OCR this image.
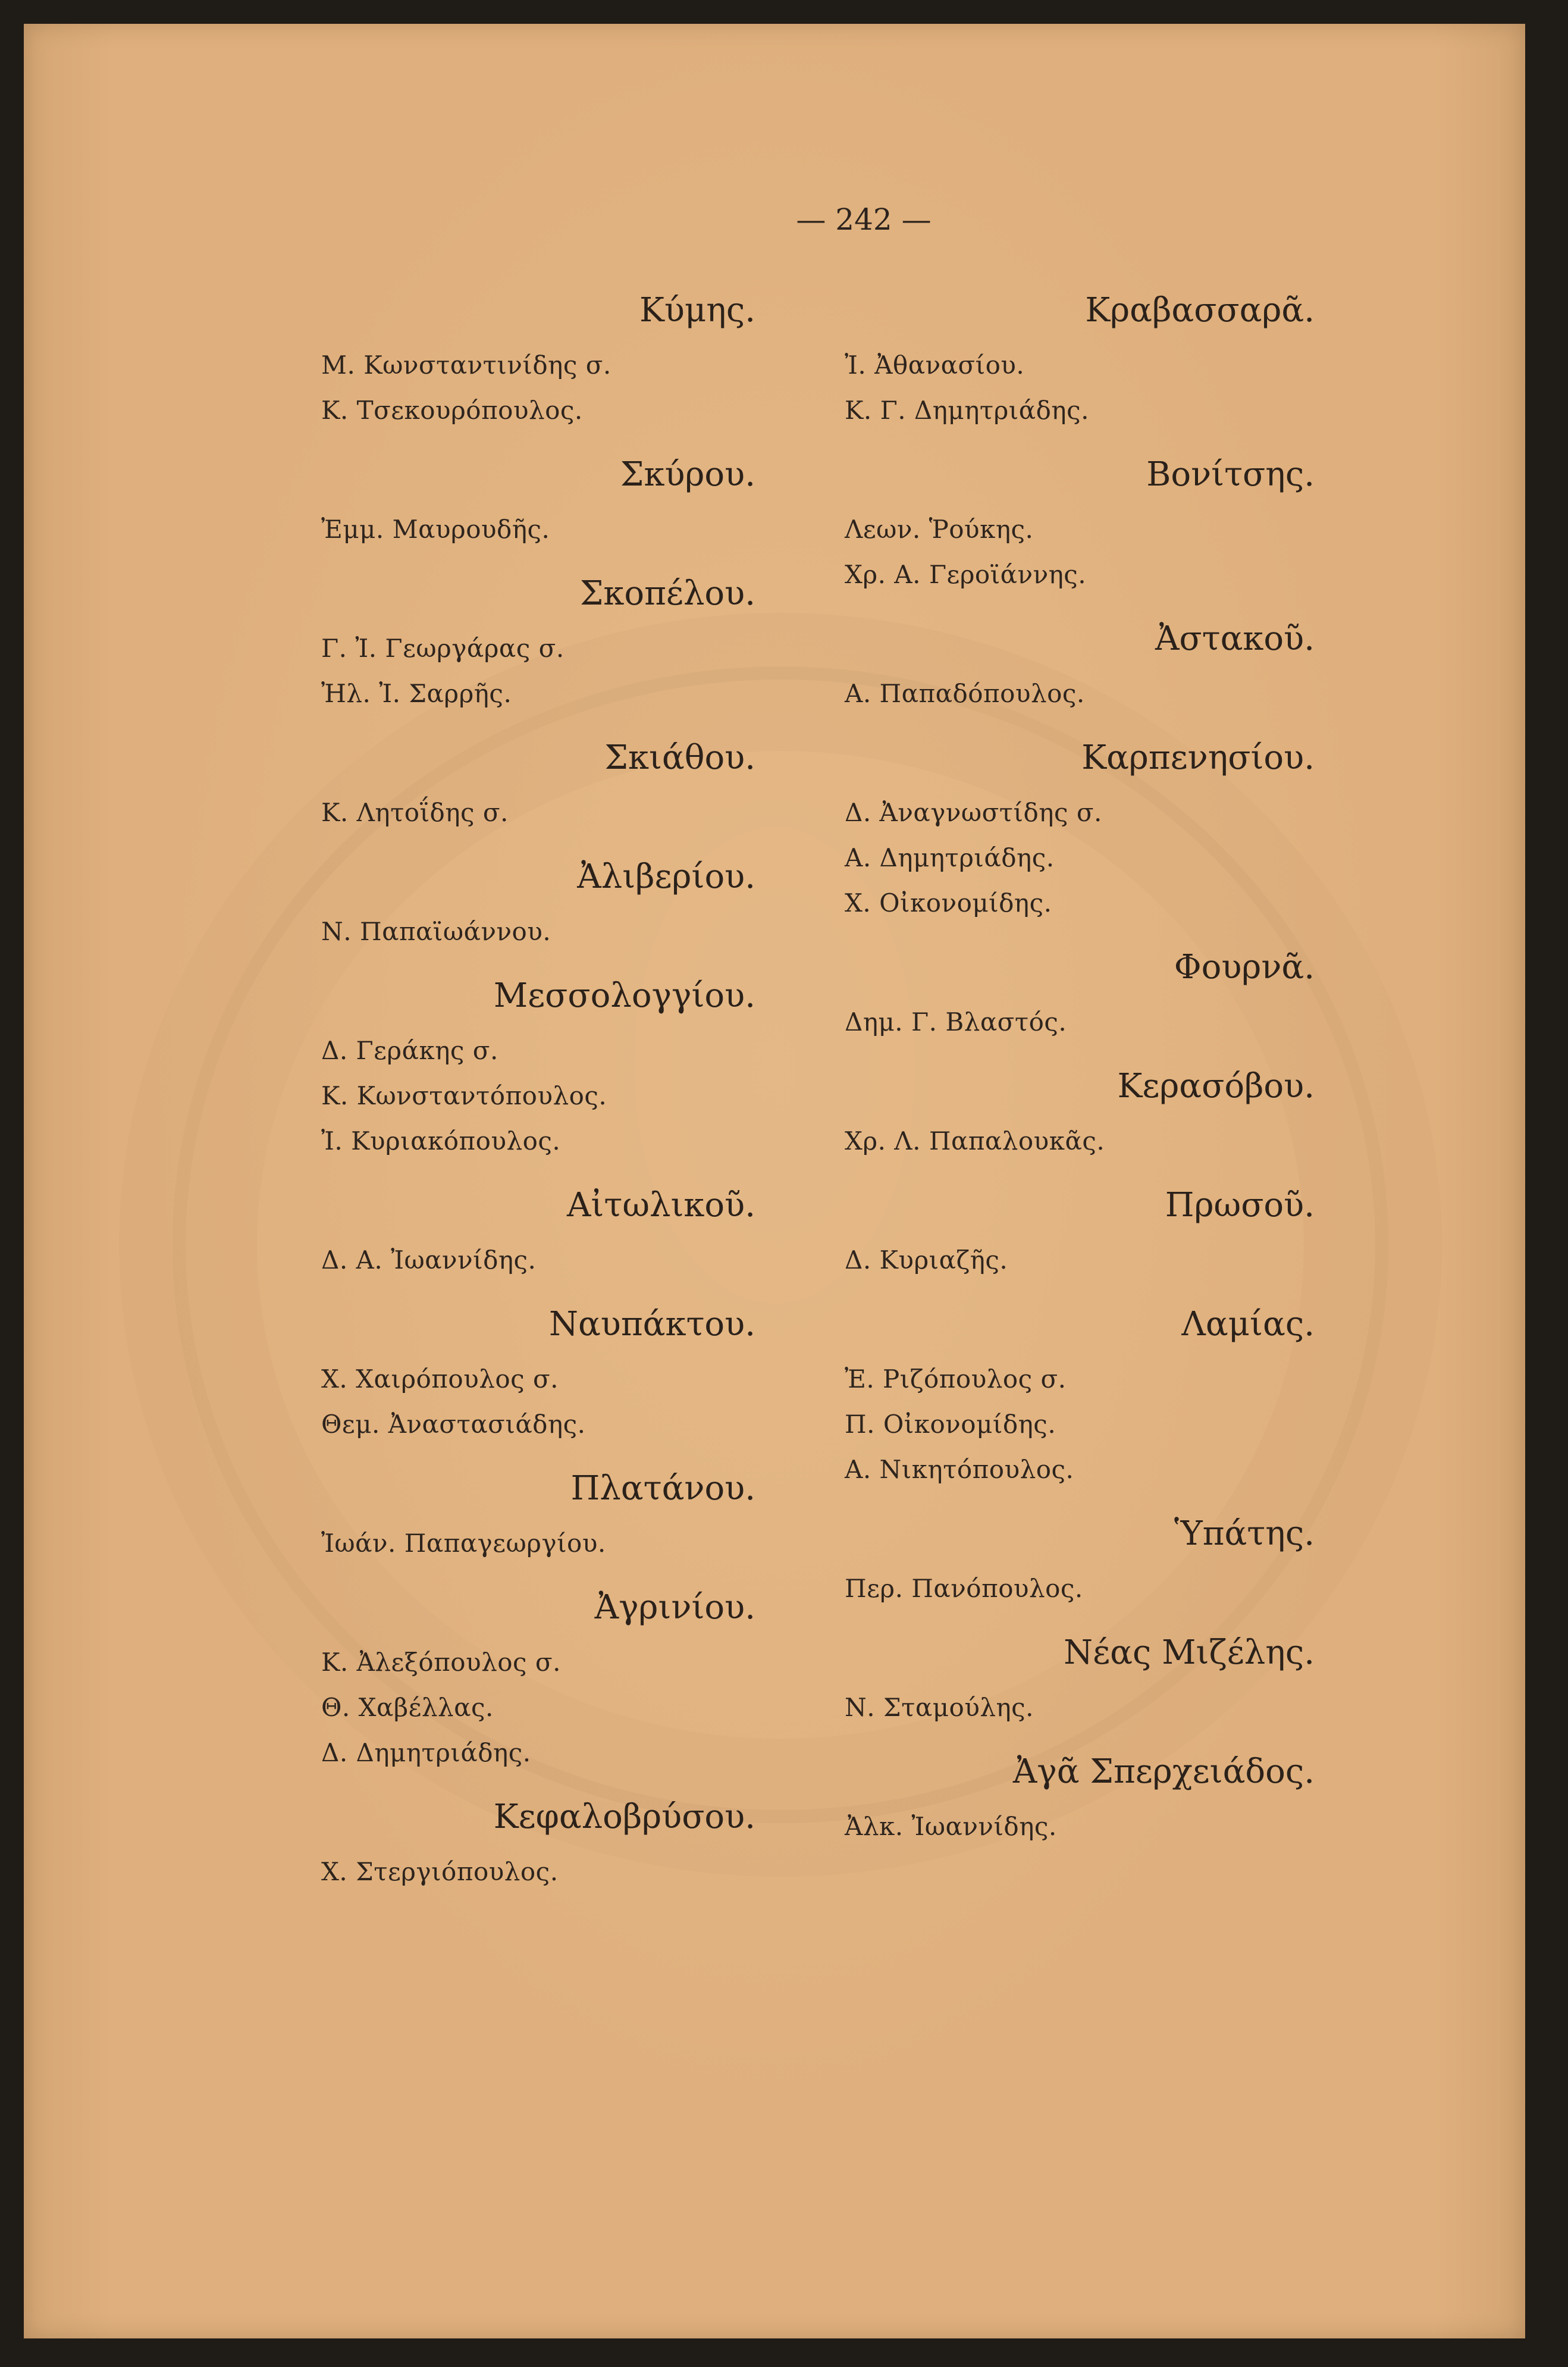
— 242 —
Κύμης.
Μ. Κωνσταντινίδης σ.
Κ. Τσεκουρόπουλος.
Σκύρου.
Ἐμμ. Μαυρουδῆς.
Σκοπέλου.
Γ. Ἰ. Γεωργάρας σ.
Ἠλ. Ἰ. Σαρρῆς.
Σκιάθου.
Κ. Λητοΐδης σ.
Ἀλιβερίου.
Ν. Παπαϊωάννου.
Μεσσολογγίου.
Δ. Γεράκης σ.
Κ. Κωνσταντόπουλος.
Ἰ. Κυριακόπουλος.
Αἰτωλικοῦ.
Δ. Α. Ἰωαννίδης.
Ναυπάκτου.
Χ. Χαιρόπουλος σ.
Θεμ. Ἀναστασιάδης.
Πλατάνου.
Ἰωάν. Παπαγεωργίου.
Ἀγρινίου.
Κ. Ἀλεξόπουλος σ.
Θ. Χαβέλλας.
Δ. Δημητριάδης.
Κεφαλοβρύσου.
Χ. Στεργιόπουλος.
Κραβασσαρᾶ.
Ἰ. Ἀθανασίου.
Κ. Γ. Δημητριάδης.
Βονίτσης.
Λεων. Ῥούκης.
Χρ. Α. Γεροϊάννης.
Ἀστακοῦ.
Α. Παπαδόπουλος.
Καρπενησίου.
Δ. Ἀναγνωστίδης σ.
Α. Δημητριάδης.
Χ. Οἰκονομίδης.
Φουρνᾶ.
Δημ. Γ. Βλαστός.
Κερασόβου.
Χρ. Λ. Παπαλουκᾶς.
Πρωσοῦ.
Δ. Κυριαζῆς.
Λαμίας.
Ἐ. Ριζόπουλος σ.
Π. Οἰκονομίδης.
Α. Νικητόπουλος.
Ὑπάτης.
Περ. Πανόπουλος.
Νέας Μιζέλης.
Ν. Σταμούλης.
Ἀγᾶ Σπερχειάδος.
Ἀλκ. Ἰωαννίδης.
